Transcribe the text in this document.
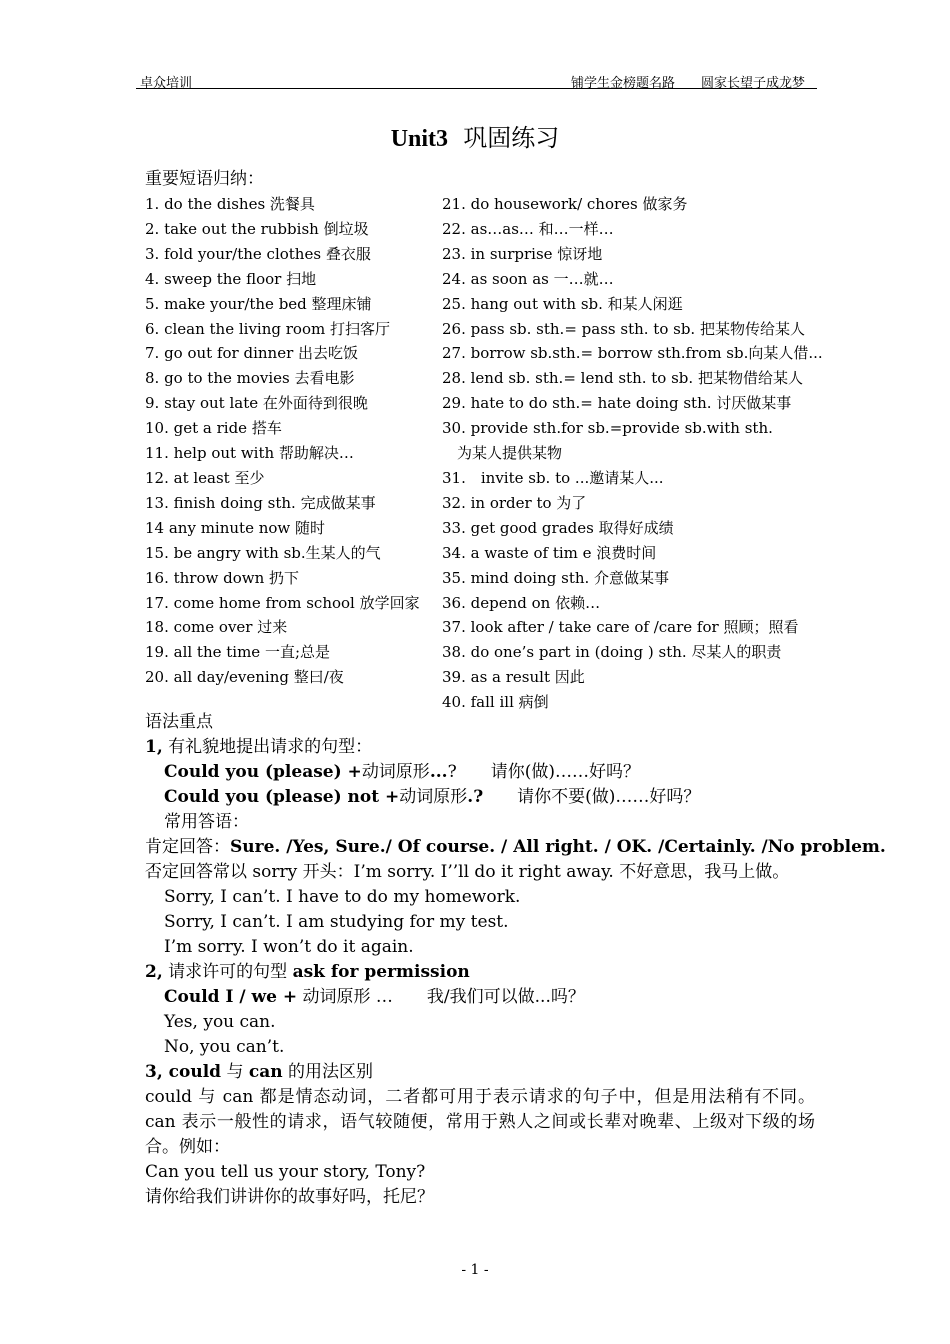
卓众培训	铺学生金榜题名路　　圆家长望子成龙梦
Unit3 巩固练习
重要短语归纳：
1. do the dishes 洗餐具
2. take out the rubbish 倒垃圾
3. fold your/the clothes 叠衣服
4. sweep the floor 扫地
5. make your/the bed 整理床铺
6. clean the living room 打扫客厅
7. go out for dinner 出去吃饭
8. go to the movies 去看电影
9. stay out late 在外面待到很晚
10. get a ride 搭车
11. help out with 帮助解决…
12. at least 至少
13. finish doing sth. 完成做某事
14 any minute now 随时
15. be angry with sb.生某人的气
16. throw down 扔下
17. come home from school 放学回家
18. come over 过来
19. all the time 一直;总是
20. all day/evening 整曰/夜
21. do housework/ chores 做家务
22. as…as… 和…一样…
23. in surprise 惊讶地
24. as soon as 一…就…
25. hang out with sb. 和某人闲逛
26. pass sb. sth.= pass sth. to sb. 把某物传给某人
27. borrow sb.sth.= borrow sth.from sb.向某人借...
28. lend sb. sth.= lend sth. to sb. 把某物借给某人
29. hate to do sth.= hate doing sth. 讨厌做某事
30. provide sth.for sb.=provide sb.with sth.
　为某人提供某物
31.　invite sb. to ...邀请某人...
32. in order to 为了
33. get good grades 取得好成绩
34. a waste of tim e 浪费时间
35. mind doing sth. 介意做某事
36. depend on 依赖…
37. look after / take care of /care for 照顾；照看
38. do one’s part in (doing ) sth. 尽某人的职责
39. as a result 因此
40. fall ill 病倒

语法重点

1, 有礼貌地提出请求的句型：

Could you (please) +动词原形...?　　请你(做)……好吗？

Could you (please) not +动词原形.?　　请你不要(做)……好吗？

常用答语：

肯定回答：Sure. /Yes, Sure./ Of course. / All right. / OK. /Certainly. /No problem.

否定回答常以 sorry 开头：I’m sorry. I’’ll do it right away. 不好意思，我马上做。

Sorry, I can’t. I have to do my homework.

Sorry, I can’t. I am studying for my test.

I’m sorry. I won’t do it again.

2, 请求许可的句型 ask for permission

Could I / we + 动词原形 …　　我/我们可以做...吗？

Yes, you can.

No, you can’t.

3, could 与 can 的用法区别

could 与 can 都是情态动词，二者都可用于表示请求的句子中，但是用法稍有不同。 can 表示一般性的请求，语气较随便，常用于熟人之间或长辈对晚辈、上级对下级的场合。例如：

Can you tell us your story, Tony?

请你给我们讲讲你的故事好吗，托尼？

- 1 -
